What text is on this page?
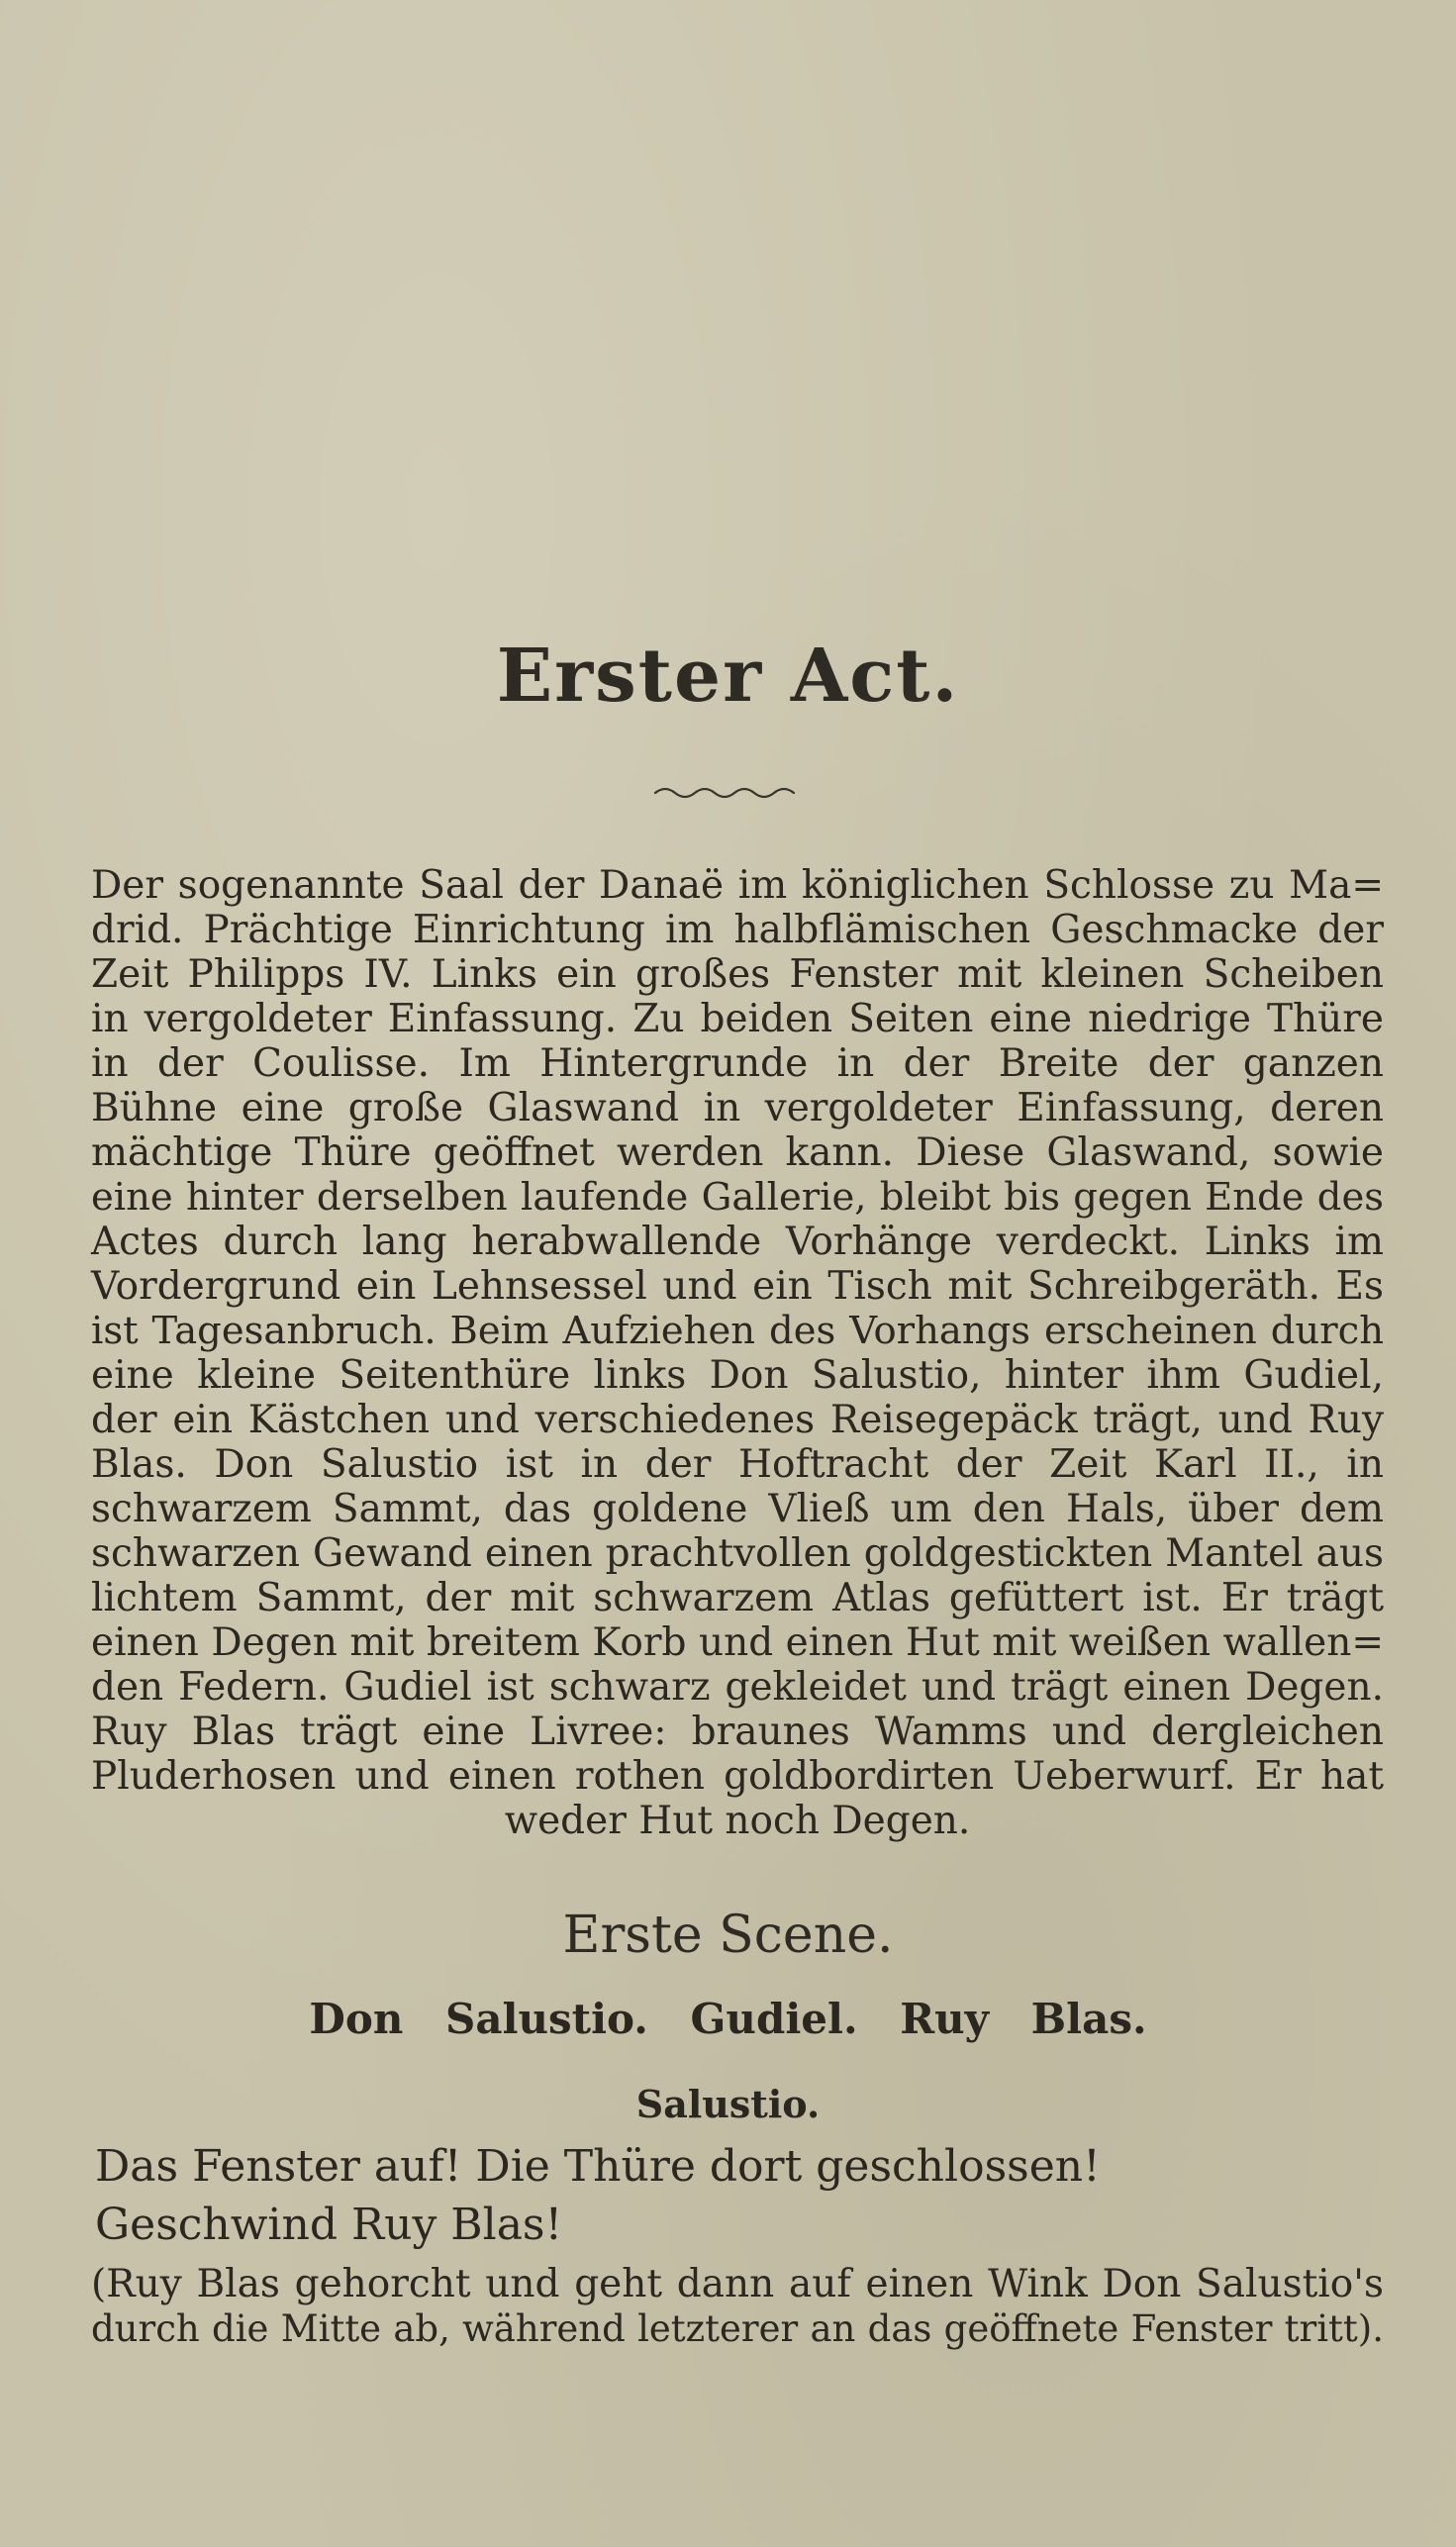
Erster Act.
Der sogenannte Saal der Danaë im königlichen Schlosse zu Ma=
drid. Prächtige Einrichtung im halbflämischen Geschmacke der
Zeit Philipps IV. Links ein großes Fenster mit kleinen Scheiben
in vergoldeter Einfassung. Zu beiden Seiten eine niedrige Thüre
in der Coulisse. Im Hintergrunde in der Breite der ganzen
Bühne eine große Glaswand in vergoldeter Einfassung, deren
mächtige Thüre geöffnet werden kann. Diese Glaswand, sowie
eine hinter derselben laufende Gallerie, bleibt bis gegen Ende des
Actes durch lang herabwallende Vorhänge verdeckt. Links im
Vordergrund ein Lehnsessel und ein Tisch mit Schreibgeräth. Es
ist Tagesanbruch. Beim Aufziehen des Vorhangs erscheinen durch
eine kleine Seitenthüre links Don Salustio, hinter ihm Gudiel,
der ein Kästchen und verschiedenes Reisegepäck trägt, und Ruy
Blas. Don Salustio ist in der Hoftracht der Zeit Karl II., in
schwarzem Sammt, das goldene Vließ um den Hals, über dem
schwarzen Gewand einen prachtvollen goldgestickten Mantel aus
lichtem Sammt, der mit schwarzem Atlas gefüttert ist. Er trägt
einen Degen mit breitem Korb und einen Hut mit weißen wallen=
den Federn. Gudiel ist schwarz gekleidet und trägt einen Degen.
Ruy Blas trägt eine Livree: braunes Wamms und dergleichen
Pluderhosen und einen rothen goldbordirten Ueberwurf. Er hat
weder Hut noch Degen.
Erste Scene.
Don Salustio. Gudiel. Ruy Blas.
Salustio.
Das Fenster auf! Die Thüre dort geschlossen!
Geschwind Ruy Blas!
(Ruy Blas gehorcht und geht dann auf einen Wink Don Salustio's
durch die Mitte ab, während letzterer an das geöffnete Fenster tritt).
